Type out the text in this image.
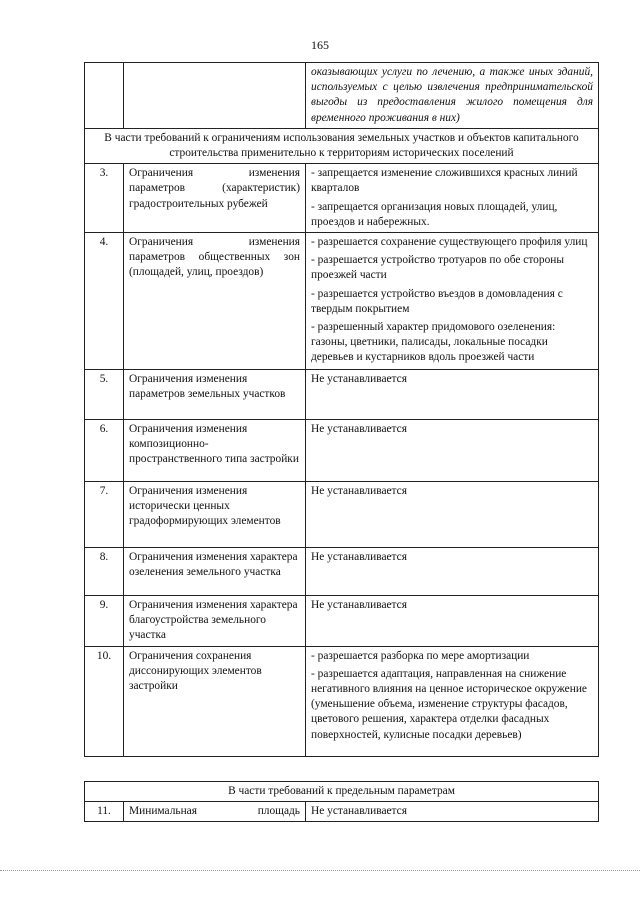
165
		оказывающих услуги по лечению, а также иных зданий, используемых с целью извлечения предпринимательской выгоды из предоставления жилого помещения для временного проживания в них)
В части требований к ограничениям использования земельных участков и объектов капитального строительства применительно к территориям исторических поселений		
3.	Ограничения изменения параметров (характеристик) градостроительных рубежей	- запрещается изменение сложившихся красных линий кварталов
- запрещается организация новых площадей, улиц, проездов и набережных.

4.	Ограничения изменения параметров общественных зон (площадей, улиц, проездов)	- разрешается сохранение существующего профиля улиц
- разрешается устройство тротуаров по обе стороны проезжей части
- разрешается устройство въездов в домовладения с твердым покрытием
- разрешенный характер придомового озеленения: газоны, цветники, палисады, локальные посадки деревьев и кустарников вдоль проезжей части

5.	Ограничения изменения параметров земельных участков	Не устанавливается
6.	Ограничения изменения композиционно-пространственного типа застройки	Не устанавливается
7.	Ограничения изменения исторически ценных градоформирующих элементов	Не устанавливается
8.	Ограничения изменения характера озеленения земельного участка	Не устанавливается
9.	Ограничения изменения характера благоустройства земельного участка	Не устанавливается
10.	Ограничения сохранения диссонирующих элементов застройки	- разрешается разборка по мере амортизации
- разрешается адаптация, направленная на снижение негативного влияния на ценное историческое окружение (уменьшение объема, изменение структуры фасадов, цветового решения, характера отделки фасадных поверхностей, кулисные посадки деревьев)
В части требований к предельным параметрам
11.	Минимальная площадь	Не устанавливается
